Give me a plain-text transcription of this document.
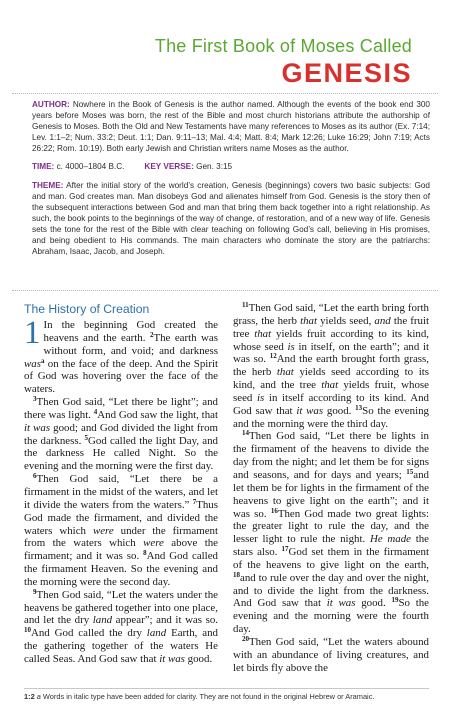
The First Book of Moses Called
GENESIS

AUTHOR: Nowhere in the Book of Genesis is the author named. Although the events of the book end 300 years before Moses was born, the rest of the Bible and most church historians attribute the authorship of Genesis to Moses. Both the Old and New Testaments have many references to Moses as its author (Ex. 7:14; Lev. 1:1–2; Num. 33:2; Deut. 1:1; Dan. 9:11–13; Mal. 4:4; Matt. 8:4; Mark 12:26; Luke 16:29; John 7:19; Acts 26:22; Rom. 10:19). Both early Jewish and Christian writers name Moses as the author.

TIME: c. 4000–1804 B.C. KEY VERSE: Gen. 3:15

THEME: After the initial story of the world’s creation, Genesis (beginnings) covers two basic subjects: God and man. God creates man. Man disobeys God and alienates himself from God. Genesis is the story then of the subsequent interactions between God and man that bring them back together into a right relationship. As such, the book points to the beginnings of the way of change, of restoration, and of a new way of life. Genesis sets the tone for the rest of the Bible with clear teaching on following God’s call, believing in His promises, and being obedient to His commands. The main characters who dominate the story are the patriarchs: Abraham, Isaac, Jacob, and Joseph.

The History of Creation

1 In the beginning God created the heavens and the earth. $^2$The earth was without form, and void; and darkness was$^a$ on the face of the deep. And the Spirit of God was hovering over the face of the waters.

$^3$Then God said, “Let there be light”; and there was light. $^4$And God saw the light, that it was good; and God divided the light from the darkness. $^5$God called the light Day, and the darkness He called Night. So the evening and the morning were the first day.

$^6$Then God said, “Let there be a firmament in the midst of the waters, and let it divide the waters from the waters.” $^7$Thus God made the firmament, and divided the waters which were under the firmament from the waters which were above the firmament; and it was so. $^8$And God called the firmament Heaven. So the evening and the morning were the second day.

$^9$Then God said, “Let the waters under the heavens be gathered together into one place, and let the dry land appear”; and it was so. $^{10}$And God called the dry land Earth, and the gathering together of the waters He called Seas. And God saw that it was good.

$^{11}$Then God said, “Let the earth bring forth grass, the herb that yields seed, and the fruit tree that yields fruit according to its kind, whose seed is in itself, on the earth”; and it was so. $^{12}$And the earth brought forth grass, the herb that yields seed according to its kind, and the tree that yields fruit, whose seed is in itself according to its kind. And God saw that it was good. $^{13}$So the evening and the morning were the third day.

$^{14}$Then God said, “Let there be lights in the firmament of the heavens to divide the day from the night; and let them be for signs and seasons, and for days and years; $^{15}$and let them be for lights in the firmament of the heavens to give light on the earth”; and it was so. $^{16}$Then God made two great lights: the greater light to rule the day, and the lesser light to rule the night. He made the stars also. $^{17}$God set them in the firmament of the heavens to give light on the earth, $^{18}$and to rule over the day and over the night, and to divide the light from the darkness. And God saw that it was good. $^{19}$So the evening and the morning were the fourth day.

$^{20}$Then God said, “Let the waters abound with an abundance of living creatures, and let birds fly above the

1:2 a Words in italic type have been added for clarity. They are not found in the original Hebrew or Aramaic.
